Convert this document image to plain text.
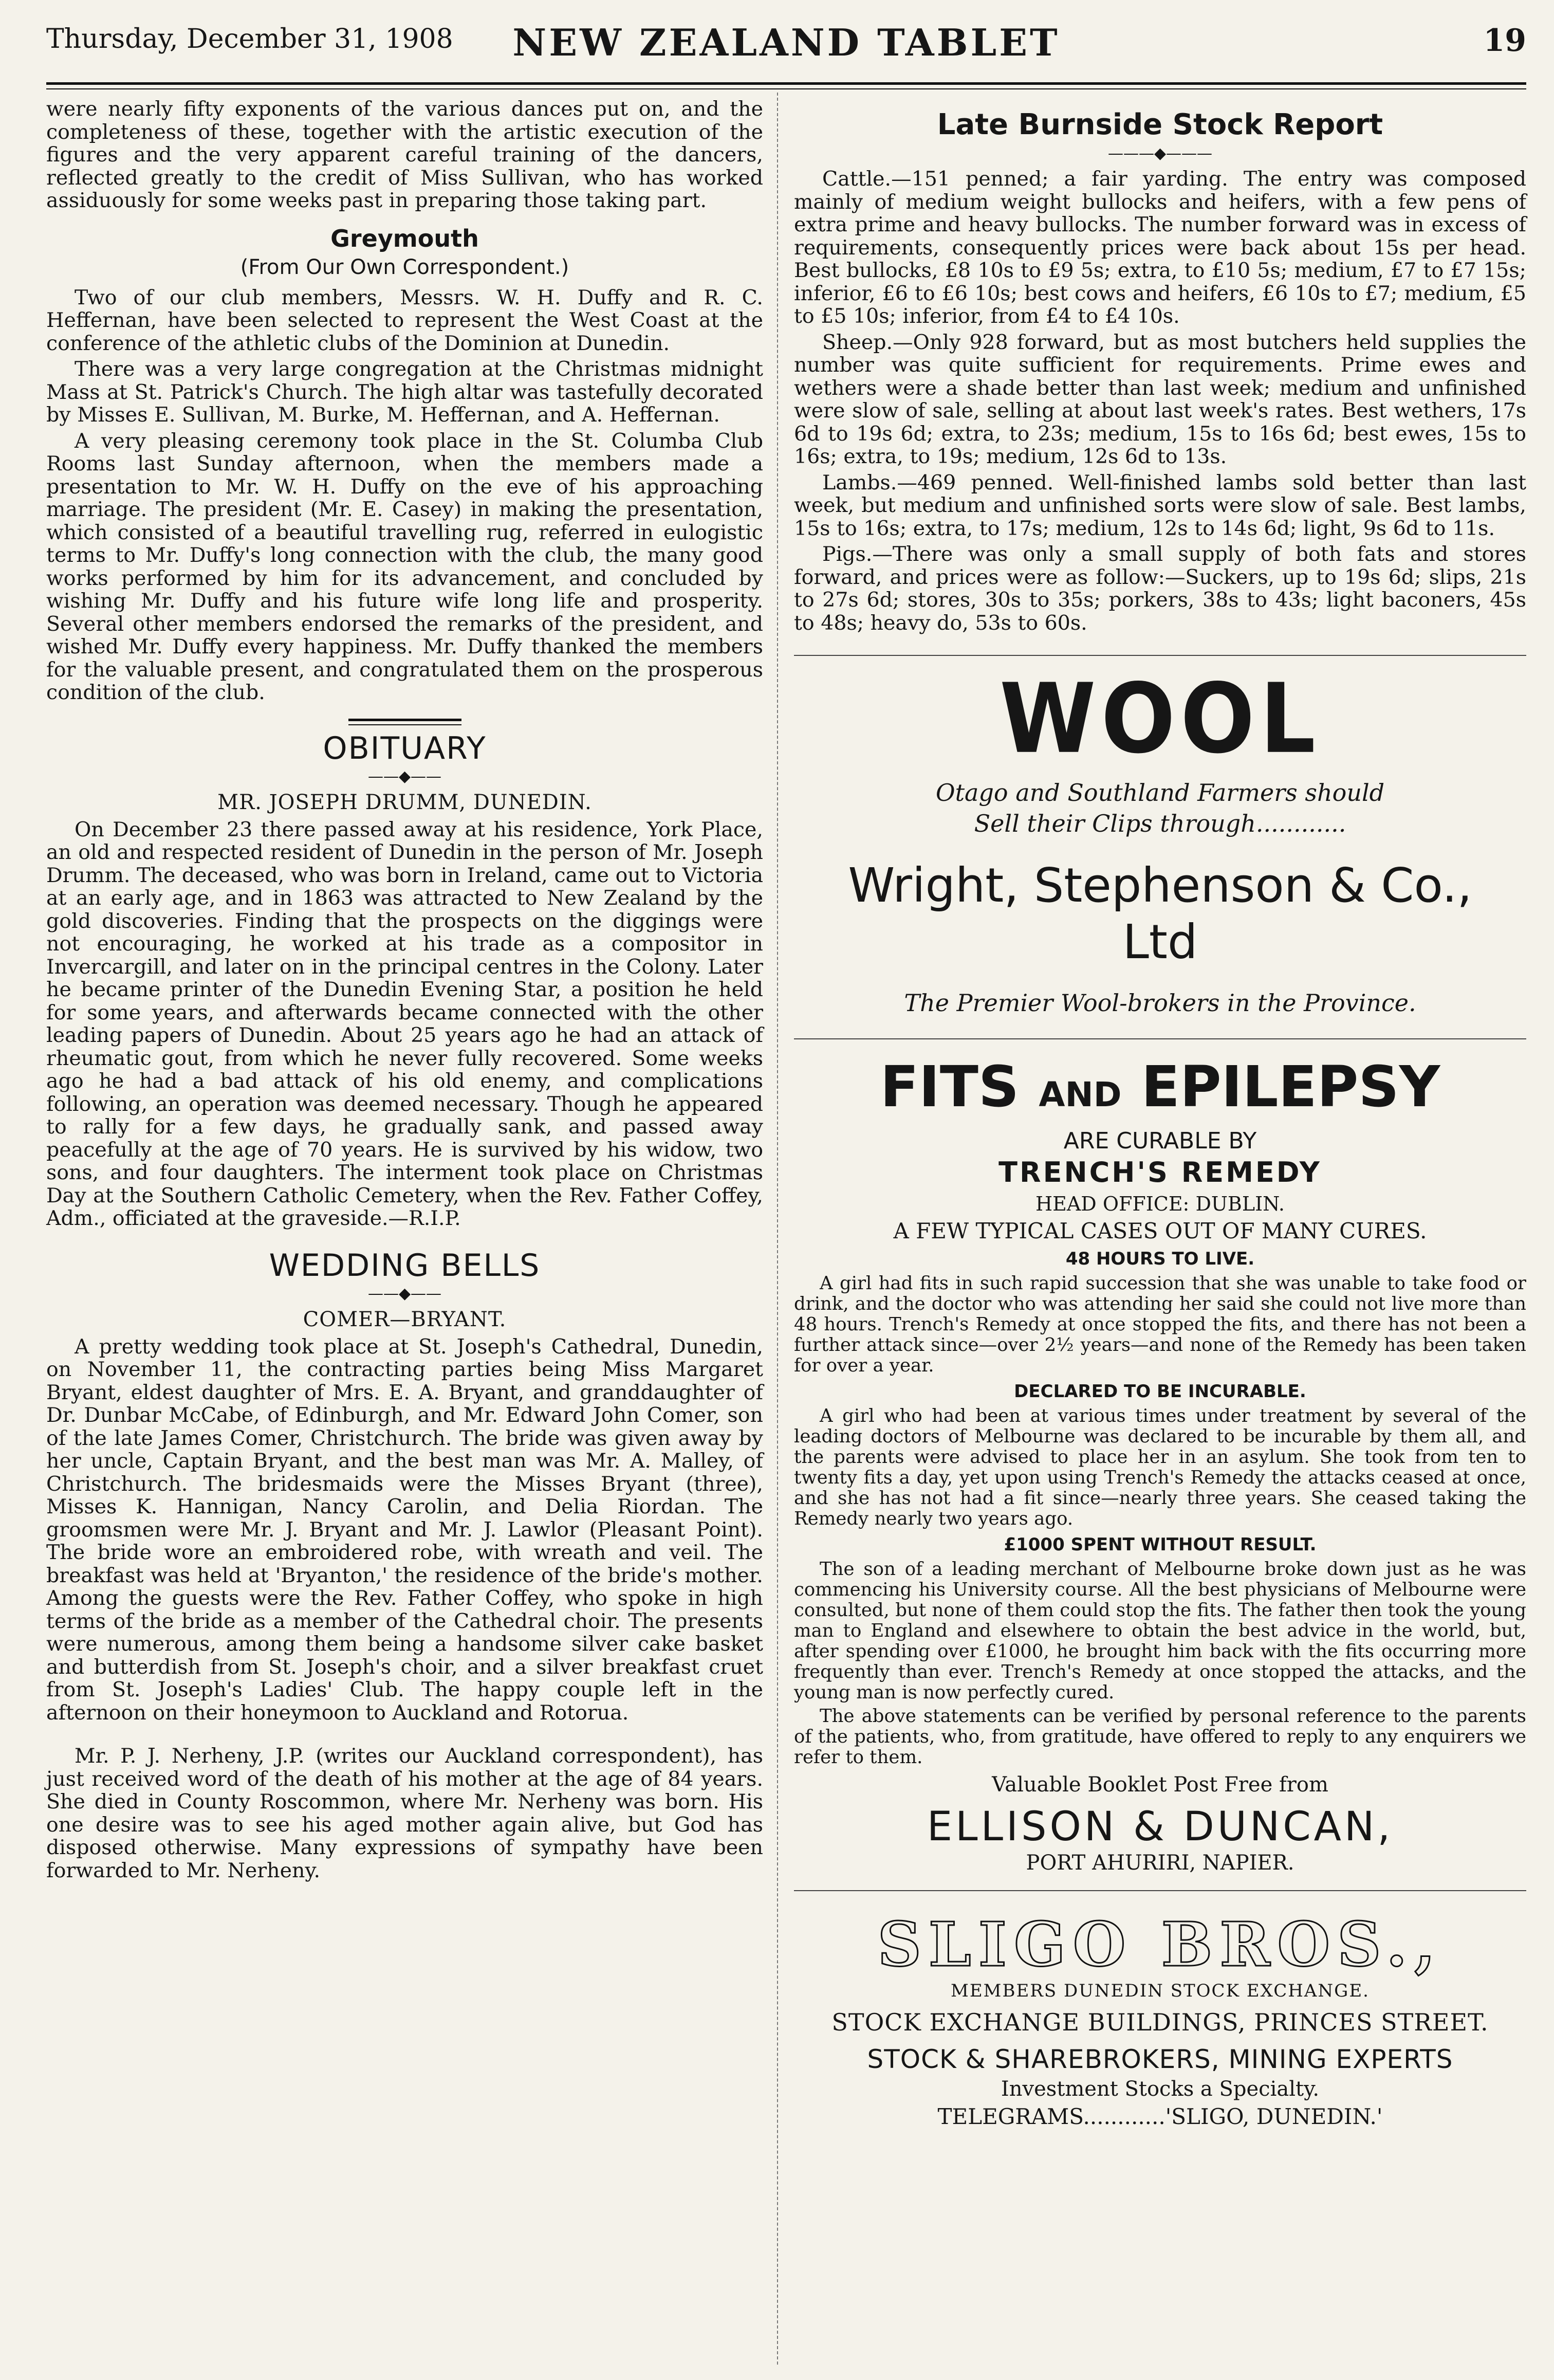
Thursday, December 31, 1908	NEW ZEALAND TABLET	19

were nearly fifty exponents of the various dances put on, and the completeness of these, together with the artistic execution of the figures and the very apparent careful training of the dancers, reflected greatly to the credit of Miss Sullivan, who has worked assiduously for some weeks past in preparing those taking part.

Greymouth
(From Our Own Correspondent.)

Two of our club members, Messrs. W. H. Duffy and R. C. Heffernan, have been selected to represent the West Coast at the conference of the athletic clubs of the Dominion at Dunedin.

There was a very large congregation at the Christmas midnight Mass at St. Patrick's Church. The high altar was tastefully decorated by Misses E. Sullivan, M. Burke, M. Heffernan, and A. Heffernan.

A very pleasing ceremony took place in the St. Columba Club Rooms last Sunday afternoon, when the members made a presentation to Mr. W. H. Duffy on the eve of his approaching marriage. The president (Mr. E. Casey) in making the presentation, which consisted of a beautiful travelling rug, referred in eulogistic terms to Mr. Duffy's long connection with the club, the many good works performed by him for its advancement, and concluded by wishing Mr. Duffy and his future wife long life and prosperity. Several other members endorsed the remarks of the president, and wished Mr. Duffy every happiness. Mr. Duffy thanked the members for the valuable present, and congratulated them on the prosperous condition of the club.

OBITUARY
——◆——
MR. JOSEPH DRUMM, DUNEDIN.

On December 23 there passed away at his residence, York Place, an old and respected resident of Dunedin in the person of Mr. Joseph Drumm. The deceased, who was born in Ireland, came out to Victoria at an early age, and in 1863 was attracted to New Zealand by the gold discoveries. Finding that the prospects on the diggings were not encouraging, he worked at his trade as a compositor in Invercargill, and later on in the principal centres in the Colony. Later he became printer of the Dunedin Evening Star, a position he held for some years, and afterwards became connected with the other leading papers of Dunedin. About 25 years ago he had an attack of rheumatic gout, from which he never fully recovered. Some weeks ago he had a bad attack of his old enemy, and complications following, an operation was deemed necessary. Though he appeared to rally for a few days, he gradually sank, and passed away peacefully at the age of 70 years. He is survived by his widow, two sons, and four daughters. The interment took place on Christmas Day at the Southern Catholic Cemetery, when the Rev. Father Coffey, Adm., officiated at the graveside.—R.I.P.

WEDDING BELLS
——◆——
COMER—BRYANT.

A pretty wedding took place at St. Joseph's Cathedral, Dunedin, on November 11, the contracting parties being Miss Margaret Bryant, eldest daughter of Mrs. E. A. Bryant, and granddaughter of Dr. Dunbar McCabe, of Edinburgh, and Mr. Edward John Comer, son of the late James Comer, Christchurch. The bride was given away by her uncle, Captain Bryant, and the best man was Mr. A. Malley, of Christchurch. The bridesmaids were the Misses Bryant (three), Misses K. Hannigan, Nancy Carolin, and Delia Riordan. The groomsmen were Mr. J. Bryant and Mr. J. Lawlor (Pleasant Point). The bride wore an embroidered robe, with wreath and veil. The breakfast was held at 'Bryanton,' the residence of the bride's mother. Among the guests were the Rev. Father Coffey, who spoke in high terms of the bride as a member of the Cathedral choir. The presents were numerous, among them being a handsome silver cake basket and butterdish from St. Joseph's choir, and a silver breakfast cruet from St. Joseph's Ladies' Club. The happy couple left in the afternoon on their honeymoon to Auckland and Rotorua.

Mr. P. J. Nerheny, J.P. (writes our Auckland correspondent), has just received word of the death of his mother at the age of 84 years. She died in County Roscommon, where Mr. Nerheny was born. His one desire was to see his aged mother again alive, but God has disposed otherwise. Many expressions of sympathy have been forwarded to Mr. Nerheny.

Late Burnside Stock Report
———◆———

Cattle.—151 penned; a fair yarding. The entry was composed mainly of medium weight bullocks and heifers, with a few pens of extra prime and heavy bullocks. The number forward was in excess of requirements, consequently prices were back about 15s per head. Best bullocks, £8 10s to £9 5s; extra, to £10 5s; medium, £7 to £7 15s; inferior, £6 to £6 10s; best cows and heifers, £6 10s to £7; medium, £5 to £5 10s; inferior, from £4 to £4 10s.

Sheep.—Only 928 forward, but as most butchers held supplies the number was quite sufficient for requirements. Prime ewes and wethers were a shade better than last week; medium and unfinished were slow of sale, selling at about last week's rates. Best wethers, 17s 6d to 19s 6d; extra, to 23s; medium, 15s to 16s 6d; best ewes, 15s to 16s; extra, to 19s; medium, 12s 6d to 13s.

Lambs.—469 penned. Well-finished lambs sold better than last week, but medium and unfinished sorts were slow of sale. Best lambs, 15s to 16s; extra, to 17s; medium, 12s to 14s 6d; light, 9s 6d to 11s.

Pigs.—There was only a small supply of both fats and stores forward, and prices were as follow:—Suckers, up to 19s 6d; slips, 21s to 27s 6d; stores, 30s to 35s; porkers, 38s to 43s; light baconers, 45s to 48s; heavy do, 53s to 60s.

WOOL
Otago and Southland Farmers should
Sell their Clips through............
Wright, Stephenson & Co.,
Ltd
The Premier Wool-brokers in the Province.
FITS AND EPILEPSY
ARE CURABLE BY
TRENCH'S REMEDY
HEAD OFFICE: DUBLIN.
A FEW TYPICAL CASES OUT OF MANY CURES.
48 HOURS TO LIVE.

A girl had fits in such rapid succession that she was unable to take food or drink, and the doctor who was attending her said she could not live more than 48 hours. Trench's Remedy at once stopped the fits, and there has not been a further attack since—over 2½ years—and none of the Remedy has been taken for over a year.

DECLARED TO BE INCURABLE.

A girl who had been at various times under treatment by several of the leading doctors of Melbourne was declared to be incurable by them all, and the parents were advised to place her in an asylum. She took from ten to twenty fits a day, yet upon using Trench's Remedy the attacks ceased at once, and she has not had a fit since—nearly three years. She ceased taking the Remedy nearly two years ago.

£1000 SPENT WITHOUT RESULT.

The son of a leading merchant of Melbourne broke down just as he was commencing his University course. All the best physicians of Melbourne were consulted, but none of them could stop the fits. The father then took the young man to England and elsewhere to obtain the best advice in the world, but, after spending over £1000, he brought him back with the fits occurring more frequently than ever. Trench's Remedy at once stopped the attacks, and the young man is now perfectly cured.

The above statements can be verified by personal reference to the parents of the patients, who, from gratitude, have offered to reply to any enquirers we refer to them.

Valuable Booklet Post Free from
ELLISON & DUNCAN,
PORT AHURIRI, NAPIER.
SLIGO BROS.,
MEMBERS DUNEDIN STOCK EXCHANGE.
STOCK EXCHANGE BUILDINGS, PRINCES STREET.
STOCK & SHAREBROKERS, MINING EXPERTS
Investment Stocks a Specialty.
TELEGRAMS............'SLIGO, DUNEDIN.'
